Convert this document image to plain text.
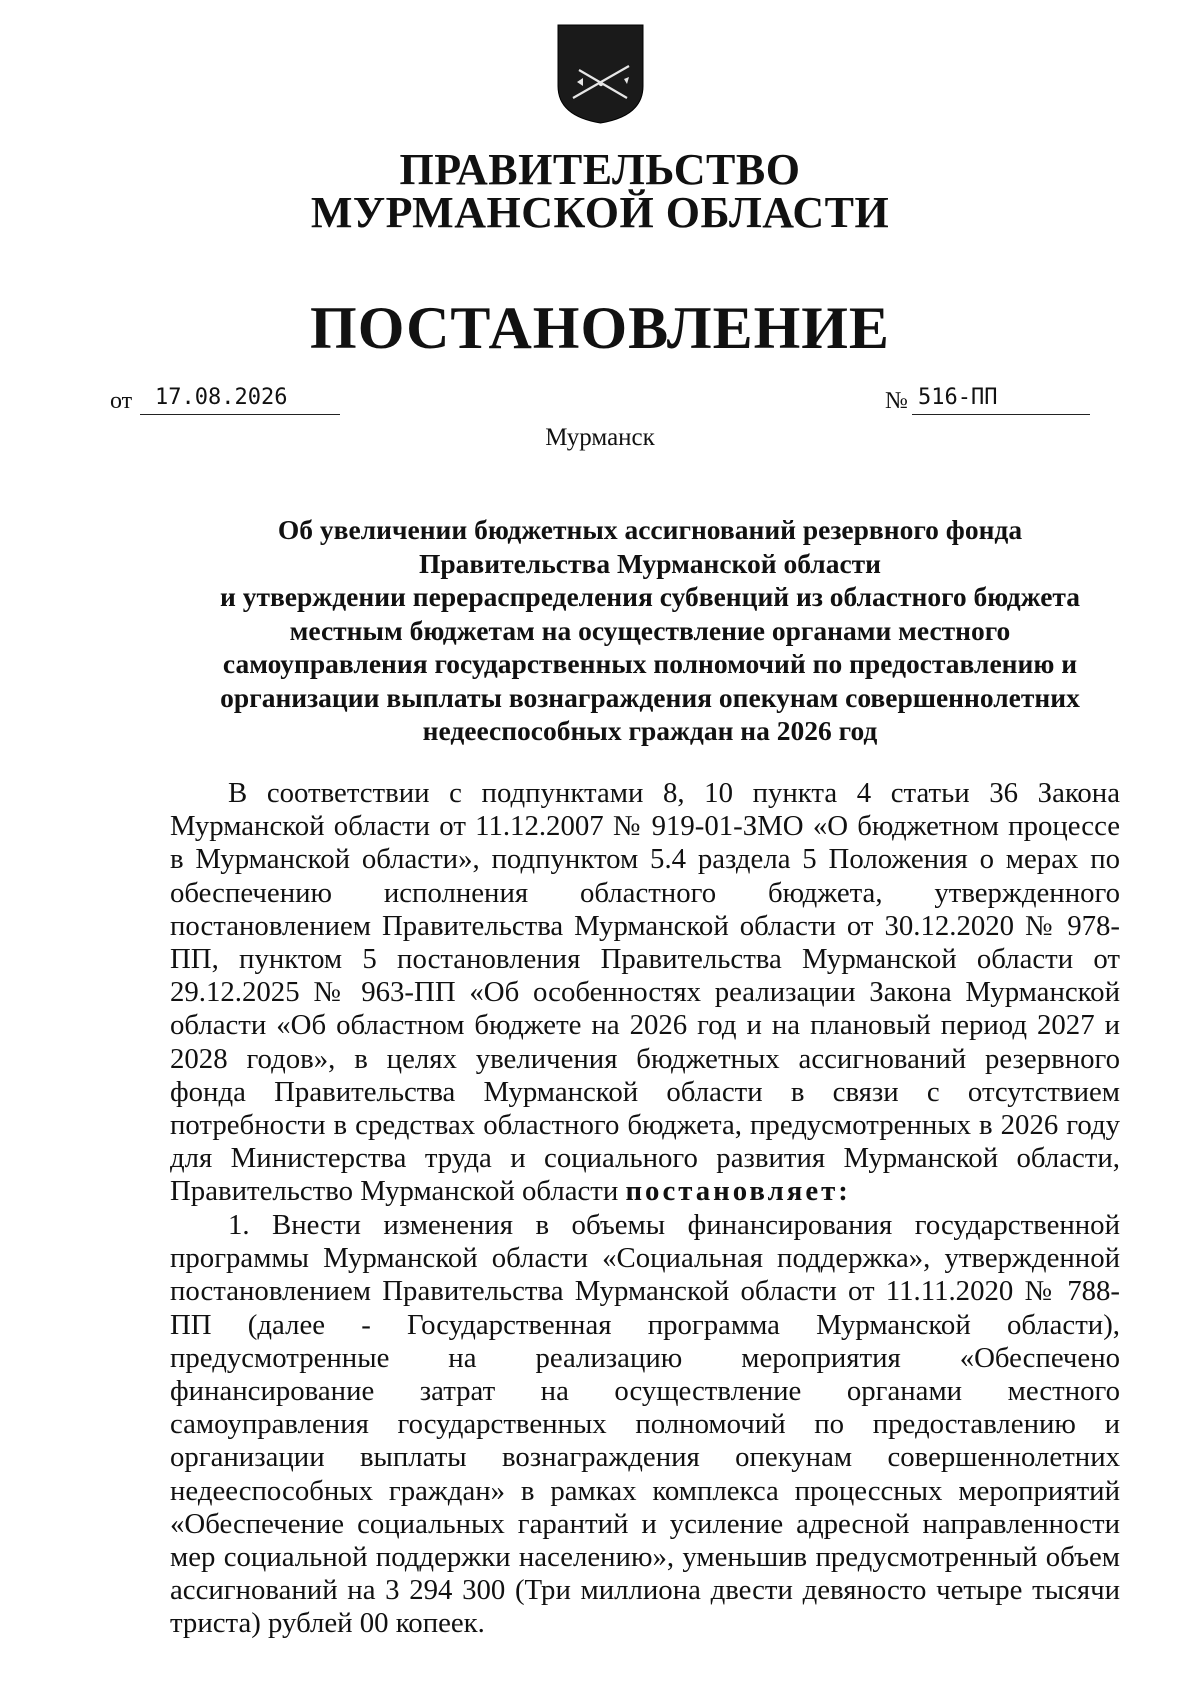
ПРАВИТЕЛЬСТВО
МУРМАНСКОЙ ОБЛАСТИ
ПОСТАНОВЛЕНИЕ
от	17.08.2026	№ 516-ПП
Мурманск
Об увеличении бюджетных ассигнований резервного фонда
Правительства Мурманской области
и утверждении перераспределения субвенций из областного бюджета
местным бюджетам на осуществление органами местного
самоуправления государственных полномочий по предоставлению и
организации выплаты вознаграждения опекунам совершеннолетних
недееспособных граждан на 2026 год

В соответствии с подпунктами 8, 10 пункта 4 статьи 36 Закона Мурманской области от 11.12.2007 № 919-01-ЗМО «О бюджетном процессе в Мурманской области», подпунктом 5.4 раздела 5 Положения о мерах по обеспечению исполнения областного бюджета, утвержденного постановлением Правительства Мурманской области от 30.12.2020 № 978-ПП, пунктом 5 постановления Правительства Мурманской области от 29.12.2025 № 963-ПП «Об особенностях реализации Закона Мурманской области «Об областном бюджете на 2026 год и на плановый период 2027 и 2028 годов», в целях увеличения бюджетных ассигнований резервного фонда Правительства Мурманской области в связи с отсутствием потребности в средствах областного бюджета, предусмотренных в 2026 году для Министерства труда и социального развития Мурманской области, Правительство Мурманской области постановляет:

1. Внести изменения в объемы финансирования государственной программы Мурманской области «Социальная поддержка», утвержденной постановлением Правительства Мурманской области от 11.11.2020 № 788-ПП (далее - Государственная программа Мурманской области), предусмотренные на реализацию мероприятия «Обеспечено финансирование затрат на осуществление органами местного самоуправления государственных полномочий по предоставлению и организации выплаты вознаграждения опекунам совершеннолетних недееспособных граждан» в рамках комплекса процессных мероприятий «Обеспечение социальных гарантий и усиление адресной направленности мер социальной поддержки населению», уменьшив предусмотренный объем ассигнований на 3 294 300 (Три миллиона двести девяносто четыре тысячи триста) рублей 00 копеек.
